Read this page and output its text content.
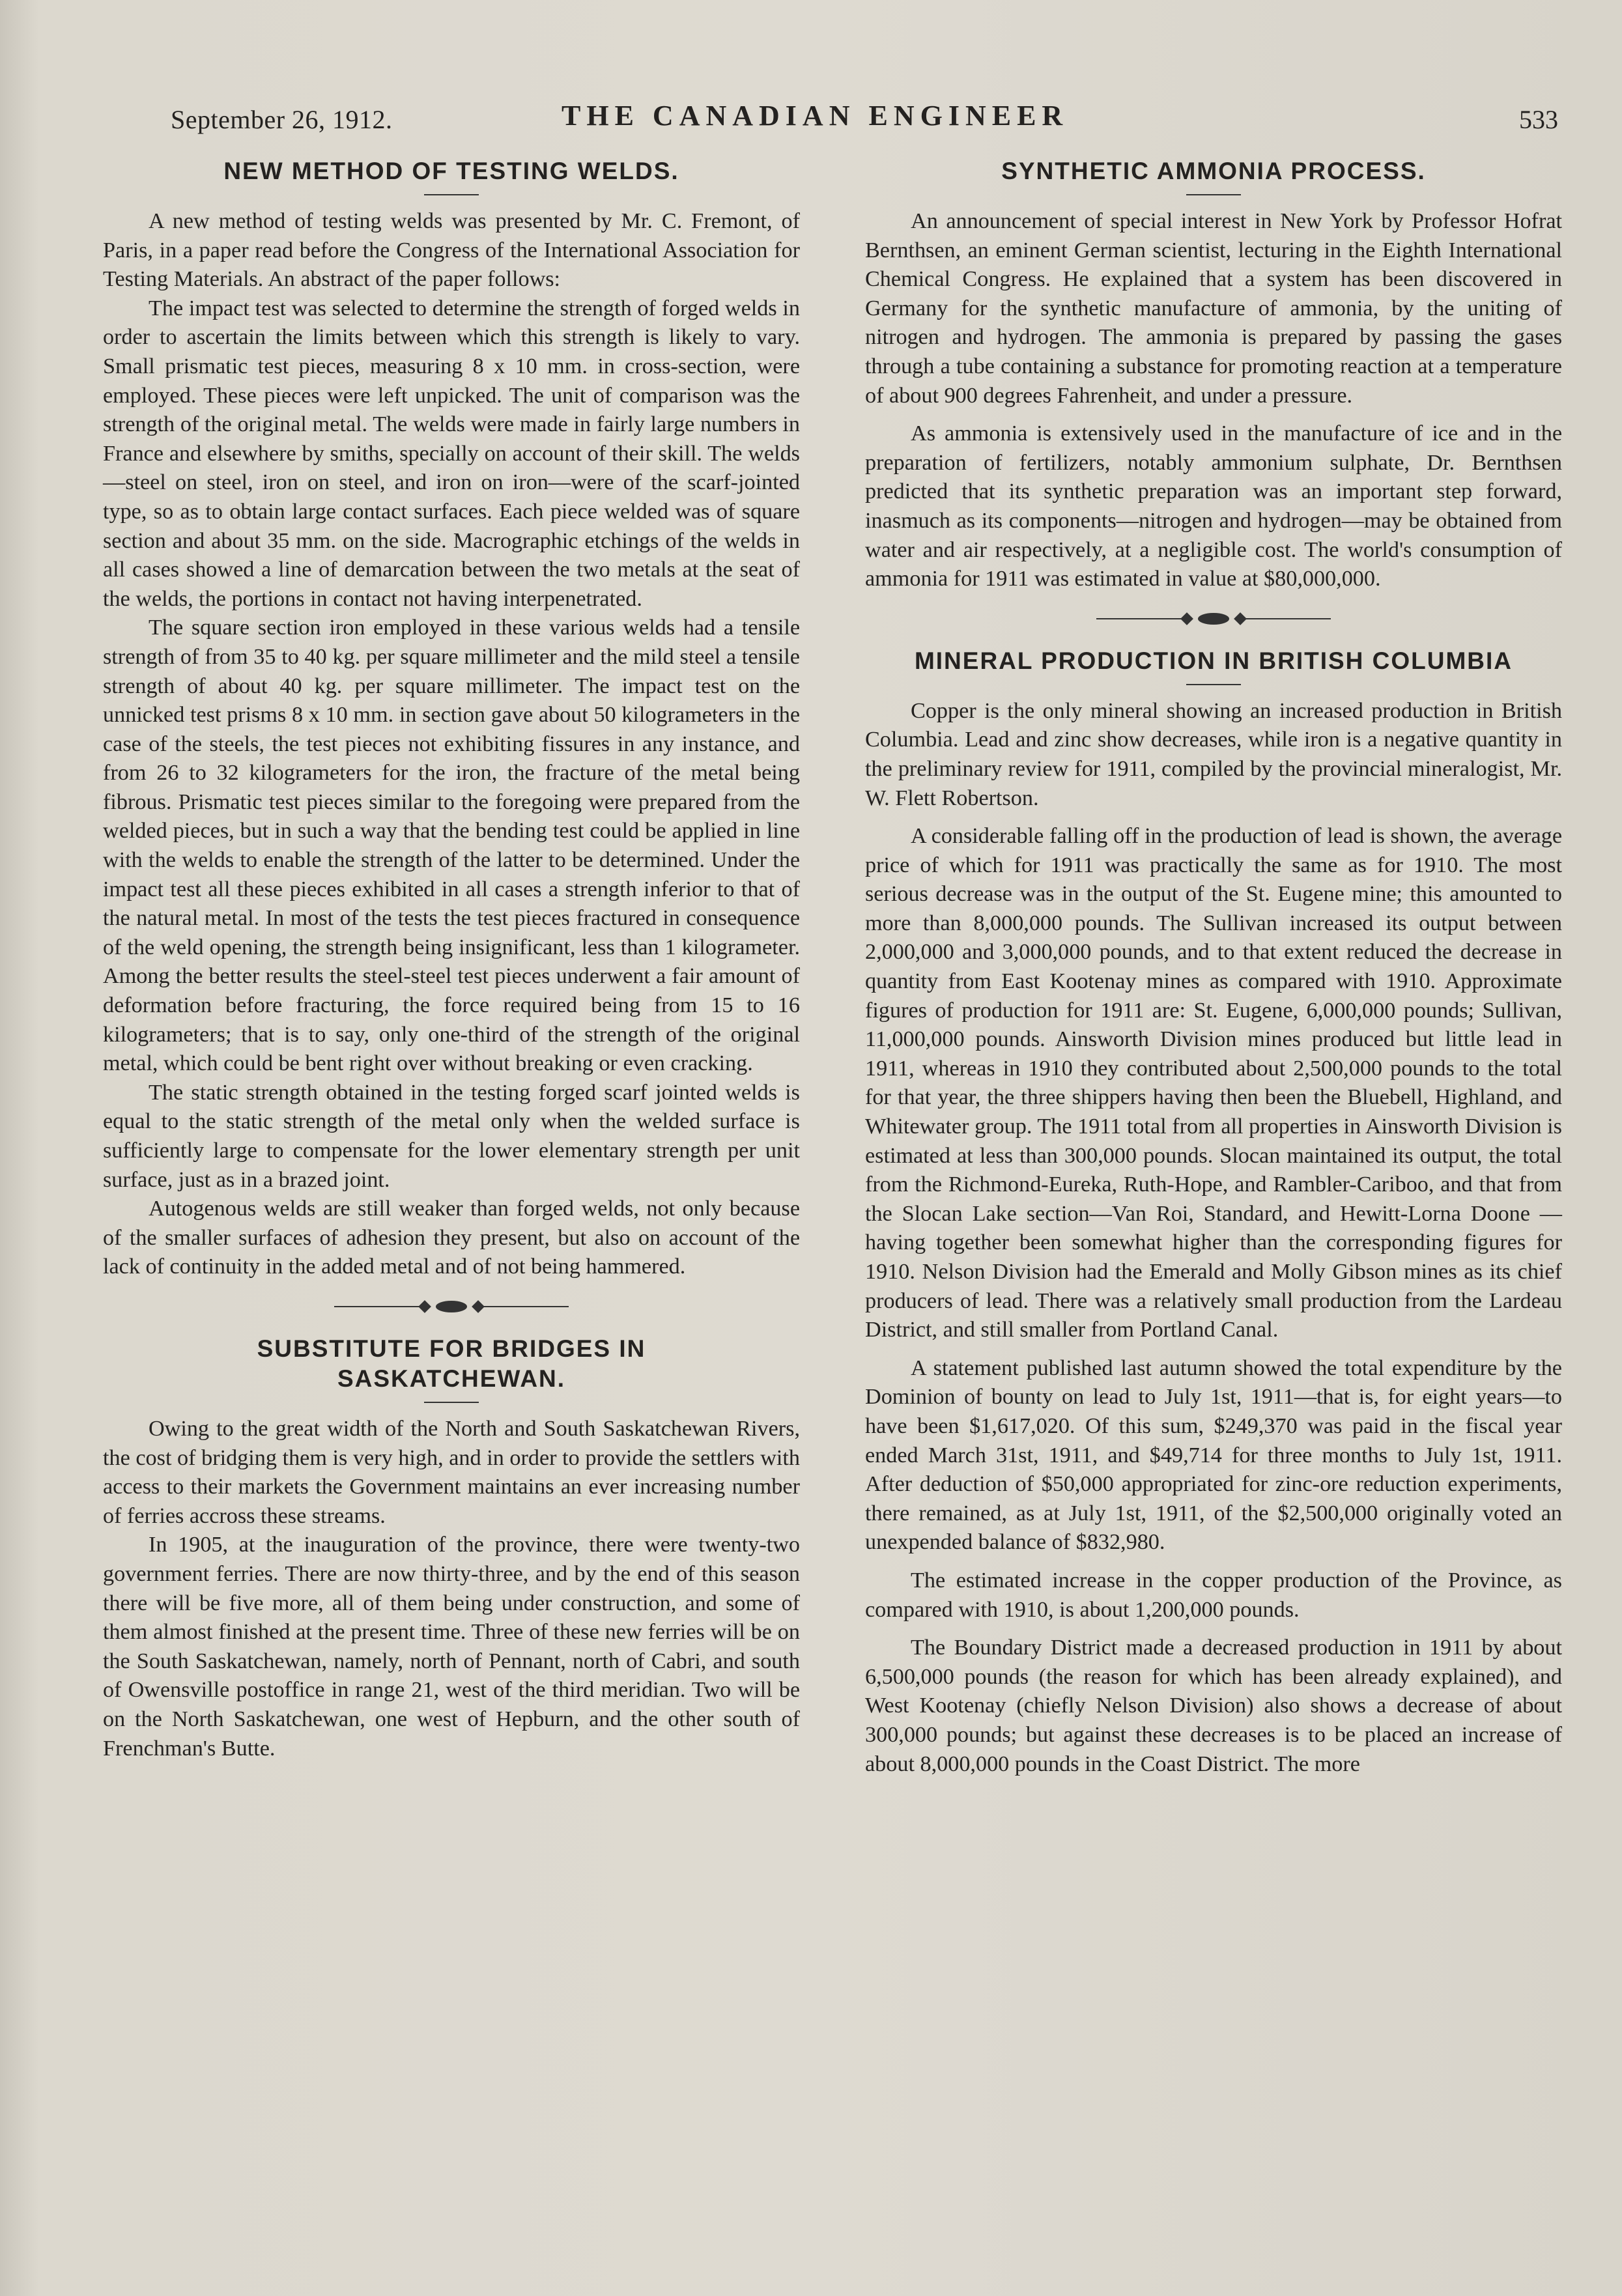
September 26, 1912.	THE CANADIAN ENGINEER	533
NEW METHOD OF TESTING WELDS.

A new method of testing welds was presented by Mr. C. Fremont, of Paris, in a paper read before the Congress of the International Association for Testing Materials. An abstract of the paper follows:

The impact test was selected to determine the strength of forged welds in order to ascertain the limits between which this strength is likely to vary. Small prismatic test pieces, measuring 8 x 10 mm. in cross-section, were employed. These pieces were left unpicked. The unit of comparison was the strength of the original metal. The welds were made in fairly large numbers in France and elsewhere by smiths, specially on account of their skill. The welds —steel on steel, iron on steel, and iron on iron—were of the scarf-jointed type, so as to obtain large contact surfaces. Each piece welded was of square section and about 35 mm. on the side. Macrographic etchings of the welds in all cases showed a line of demarcation between the two metals at the seat of the welds, the portions in contact not having interpenetrated.

The square section iron employed in these various welds had a tensile strength of from 35 to 40 kg. per square millimeter and the mild steel a tensile strength of about 40 kg. per square millimeter. The impact test on the unnicked test prisms 8 x 10 mm. in section gave about 50 kilogrameters in the case of the steels, the test pieces not exhibiting fissures in any instance, and from 26 to 32 kilogrameters for the iron, the fracture of the metal being fibrous. Prismatic test pieces similar to the foregoing were prepared from the welded pieces, but in such a way that the bending test could be applied in line with the welds to enable the strength of the latter to be determined. Under the impact test all these pieces exhibited in all cases a strength inferior to that of the natural metal. In most of the tests the test pieces fractured in consequence of the weld opening, the strength being insignificant, less than 1 kilogrameter. Among the better results the steel-steel test pieces underwent a fair amount of deformation before fracturing, the force required being from 15 to 16 kilogrameters; that is to say, only one-third of the strength of the original metal, which could be bent right over without breaking or even cracking.

The static strength obtained in the testing forged scarf jointed welds is equal to the static strength of the metal only when the welded surface is sufficiently large to compensate for the lower elementary strength per unit surface, just as in a brazed joint.

Autogenous welds are still weaker than forged welds, not only because of the smaller surfaces of adhesion they present, but also on account of the lack of continuity in the added metal and of not being hammered.

SUBSTITUTE FOR BRIDGES IN
SASKATCHEWAN.

Owing to the great width of the North and South Saskatchewan Rivers, the cost of bridging them is very high, and in order to provide the settlers with access to their markets the Government maintains an ever increasing number of ferries accross these streams.

In 1905, at the inauguration of the province, there were twenty-two government ferries. There are now thirty-three, and by the end of this season there will be five more, all of them being under construction, and some of them almost finished at the present time. Three of these new ferries will be on the South Saskatchewan, namely, north of Pennant, north of Cabri, and south of Owensville postoffice in range 21, west of the third meridian. Two will be on the North Saskatchewan, one west of Hepburn, and the other south of Frenchman's Butte.

SYNTHETIC AMMONIA PROCESS.

An announcement of special interest in New York by Professor Hofrat Bernthsen, an eminent German scientist, lecturing in the Eighth International Chemical Congress. He explained that a system has been discovered in Germany for the synthetic manufacture of ammonia, by the uniting of nitrogen and hydrogen. The ammonia is prepared by passing the gases through a tube containing a substance for promoting reaction at a temperature of about 900 degrees Fahrenheit, and under a pressure.

As ammonia is extensively used in the manufacture of ice and in the preparation of fertilizers, notably ammonium sulphate, Dr. Bernthsen predicted that its synthetic preparation was an important step forward, inasmuch as its components—nitrogen and hydrogen—may be obtained from water and air respectively, at a negligible cost. The world's consumption of ammonia for 1911 was estimated in value at $80,000,000.

MINERAL PRODUCTION IN BRITISH COLUMBIA

Copper is the only mineral showing an increased production in British Columbia. Lead and zinc show decreases, while iron is a negative quantity in the preliminary review for 1911, compiled by the provincial mineralogist, Mr. W. Flett Robertson.

A considerable falling off in the production of lead is shown, the average price of which for 1911 was practically the same as for 1910. The most serious decrease was in the output of the St. Eugene mine; this amounted to more than 8,000,000 pounds. The Sullivan increased its output between 2,000,000 and 3,000,000 pounds, and to that extent reduced the decrease in quantity from East Kootenay mines as compared with 1910. Approximate figures of production for 1911 are: St. Eugene, 6,000,000 pounds; Sullivan, 11,000,000 pounds. Ainsworth Division mines produced but little lead in 1911, whereas in 1910 they contributed about 2,500,000 pounds to the total for that year, the three shippers having then been the Bluebell, Highland, and Whitewater group. The 1911 total from all properties in Ainsworth Division is estimated at less than 300,000 pounds. Slocan maintained its output, the total from the Richmond-Eureka, Ruth-Hope, and Rambler-Cariboo, and that from the Slocan Lake section—Van Roi, Standard, and Hewitt-Lorna Doone —having together been somewhat higher than the corresponding figures for 1910. Nelson Division had the Emerald and Molly Gibson mines as its chief producers of lead. There was a relatively small production from the Lardeau District, and still smaller from Portland Canal.

A statement published last autumn showed the total expenditure by the Dominion of bounty on lead to July 1st, 1911—that is, for eight years—to have been $1,617,020. Of this sum, $249,370 was paid in the fiscal year ended March 31st, 1911, and $49,714 for three months to July 1st, 1911. After deduction of $50,000 appropriated for zinc-ore reduction experiments, there remained, as at July 1st, 1911, of the $2,500,000 originally voted an unexpended balance of $832,980.

The estimated increase in the copper production of the Province, as compared with 1910, is about 1,200,000 pounds.

The Boundary District made a decreased production in 1911 by about 6,500,000 pounds (the reason for which has been already explained), and West Kootenay (chiefly Nelson Division) also shows a decrease of about 300,000 pounds; but against these decreases is to be placed an increase of about 8,000,000 pounds in the Coast District. The more
